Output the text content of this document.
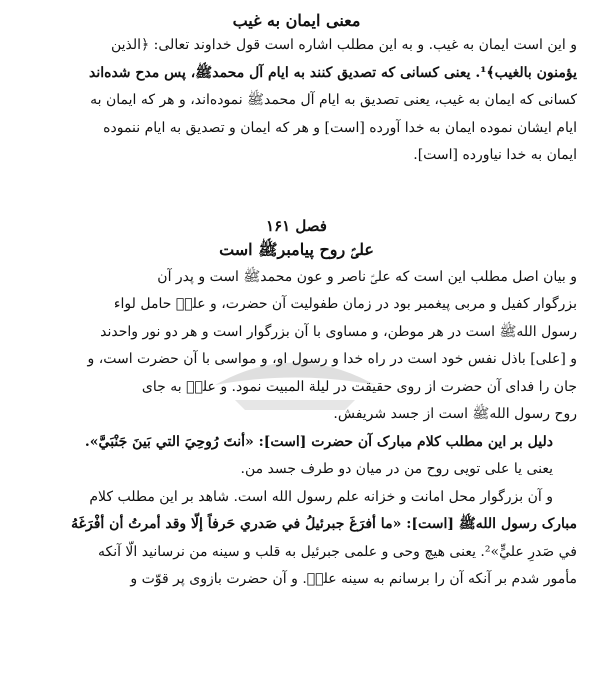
معنی ایمان به غیب
و این است ایمان به غیب. و به این مطلب اشاره است قول خداوند تعالی: ﴿الذین
یؤمنون بالغیب﴾¹. یعنی کسانی که تصدیق کنند به ایام آل محمدﷺ، پس مدح شده‌اند
کسانی که ایمان به غیب، یعنی تصدیق به ایام آل محمدﷺ نموده‌اند، و هر که ایمان به
ایام ایشان نموده ایمان به خدا آورده [است] و هر که ایمان و تصدیق به ایام ننموده
ایمان به خدا نیاورده [است].
فصل ۱۶۱
علیؑ روح پیامبرﷺ است
و بیان اصل مطلب این است که علیؑ ناصر و عون محمدﷺ است و پدر آن
بزرگوار کفیل و مربی پیغمبر بود در زمان طفولیت آن حضرت، و علیؑ حامل لواء
رسول اللهﷺ است در هر موطن، و مساوی با آن بزرگوار است و هر دو نور واحدند
و [علی] باذل نفس خود است در راه خدا و رسول او، و مواسی با آن حضرت است، و
جان را فدای آن حضرت از روی حقیقت در لیلة المبیت نمود. و علیؑ به جای
روح رسول اللهﷺ است از جسد شریفش.
دلیل بر این مطلب کلام مبارک آن حضرت [است]: «أنتَ رُوحِيَ التي بَينَ جَنْبَيَّ».
یعنی یا علی تویی روح من در میان دو طرف جسد من.
و آن بزرگوار محل امانت و خزانه علم رسول الله است. شاهد بر این مطلب کلام
مبارک رسول اللهﷺ [است]: «ما أفرَغَ جبرئيلُ في صَدري حَرفاً إلّا وقد أمرتُ أن أفْرَغَهُ
في صَدرِ عليٍّ»². یعنی هیچ وحی و علمی جبرئیل به قلب و سینه من نرسانید الّا آنکه
مأمور شدم بر آنکه آن را برسانم به سینه علیؑ. و آن حضرت بازوی پر قوّت و
